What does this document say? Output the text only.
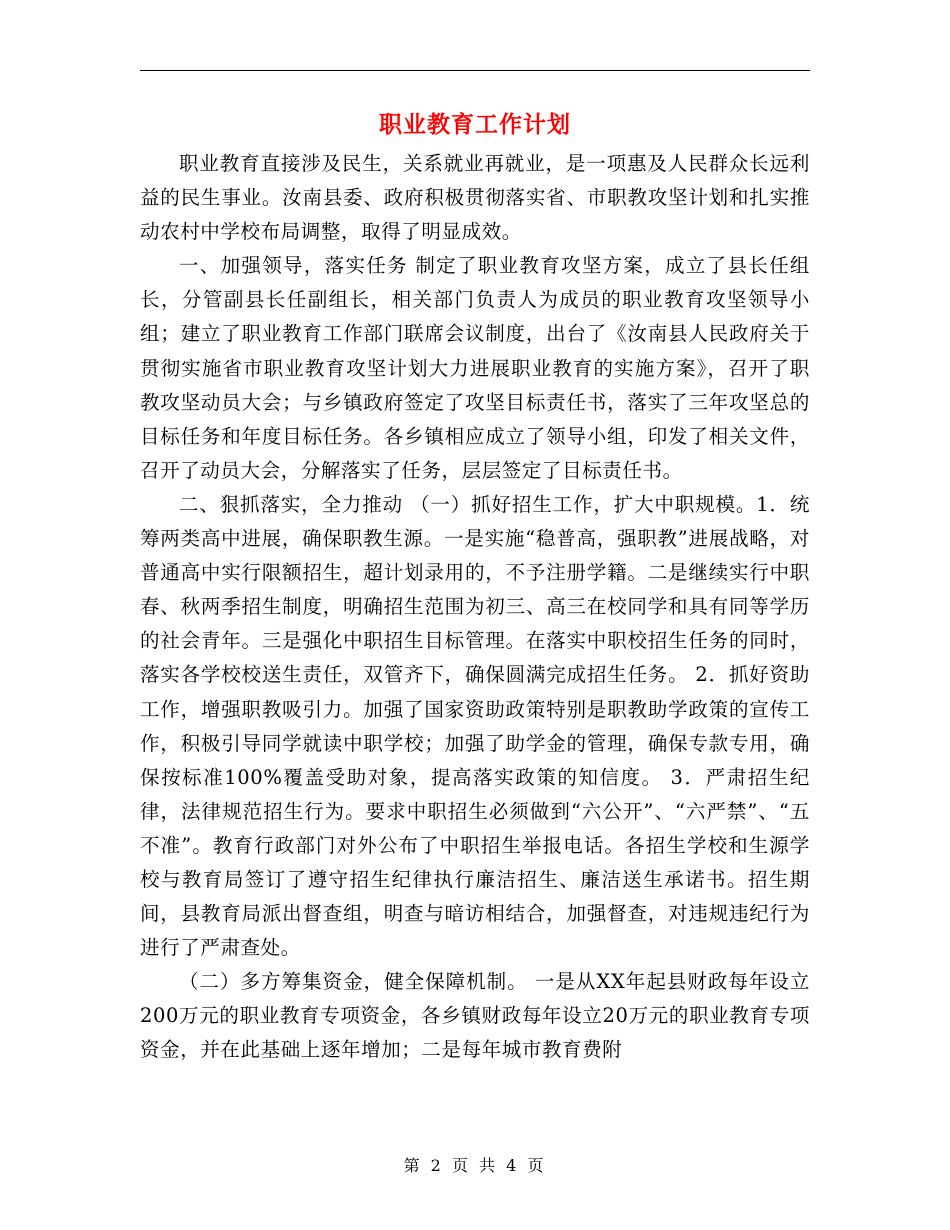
职业教育工作计划

职业教育直接涉及民生，关系就业再就业，是一项惠及人民群众长远利益的民生事业。汝南县委、政府积极贯彻落实省、市职教攻坚计划和扎实推动农村中学校布局调整，取得了明显成效。

一、加强领导，落实任务 制定了职业教育攻坚方案，成立了县长任组长，分管副县长任副组长，相关部门负责人为成员的职业教育攻坚领导小组；建立了职业教育工作部门联席会议制度，出台了《汝南县人民政府关于贯彻实施省市职业教育攻坚计划大力进展职业教育的实施方案》，召开了职教攻坚动员大会；与乡镇政府签定了攻坚目标责任书，落实了三年攻坚总的目标任务和年度目标任务。各乡镇相应成立了领导小组，印发了相关文件，召开了动员大会，分解落实了任务，层层签定了目标责任书。

二、狠抓落实，全力推动 （一）抓好招生工作，扩大中职规模。1．统筹两类高中进展，确保职教生源。一是实施“稳普高，强职教”进展战略，对普通高中实行限额招生，超计划录用的，不予注册学籍。二是继续实行中职春、秋两季招生制度，明确招生范围为初三、高三在校同学和具有同等学历的社会青年。三是强化中职招生目标管理。在落实中职校招生任务的同时，落实各学校校送生责任，双管齐下，确保圆满完成招生任务。 2．抓好资助工作，增强职教吸引力。加强了国家资助政策特别是职教助学政策的宣传工作，积极引导同学就读中职学校；加强了助学金的管理，确保专款专用，确保按标准100%覆盖受助对象，提高落实政策的知信度。 3．严肃招生纪律，法律规范招生行为。要求中职招生必须做到“六公开”、“六严禁”、“五不准”。教育行政部门对外公布了中职招生举报电话。各招生学校和生源学校与教育局签订了遵守招生纪律执行廉洁招生、廉洁送生承诺书。招生期间，县教育局派出督查组，明查与暗访相结合，加强督查，对违规违纪行为进行了严肃查处。

（二）多方筹集资金，健全保障机制。 一是从XX年起县财政每年设立200万元的职业教育专项资金，各乡镇财政每年设立20万元的职业教育专项资金，并在此基础上逐年增加；二是每年城市教育费附

第 2 页 共 4 页
